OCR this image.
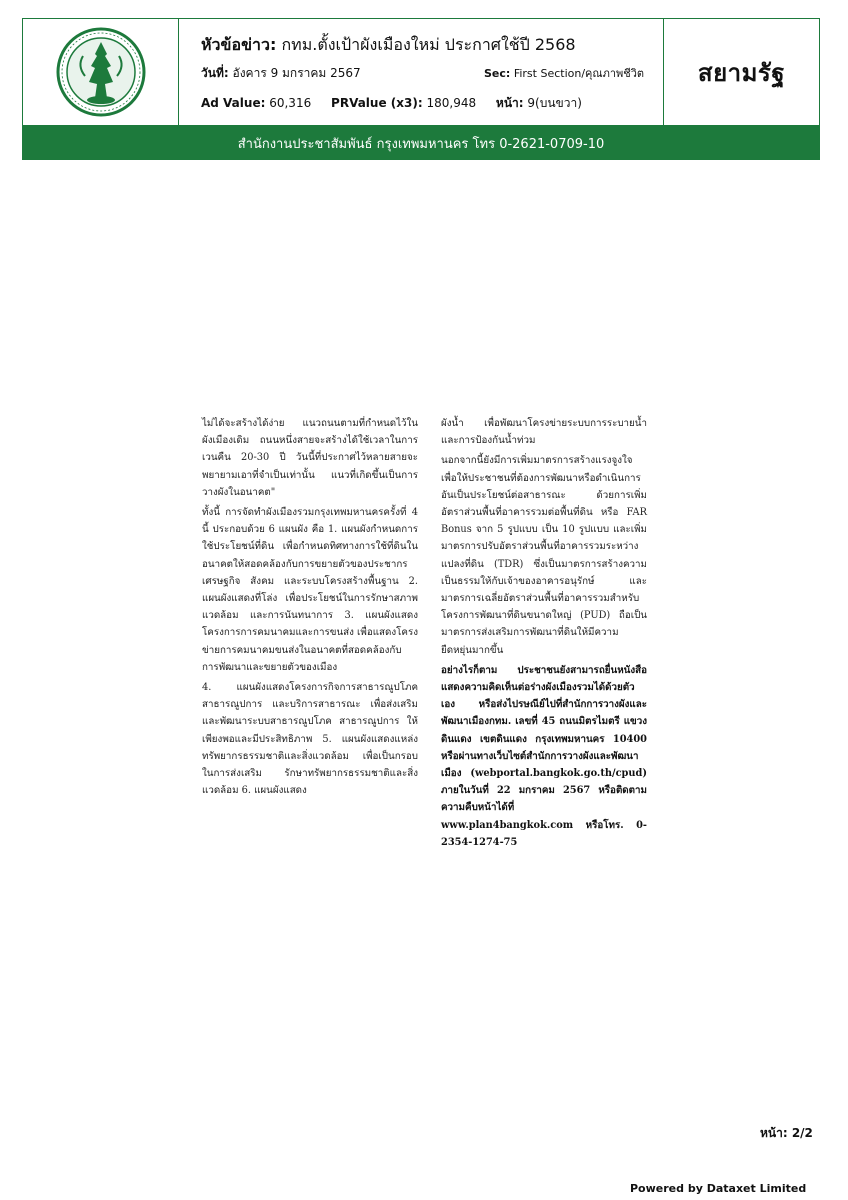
หัวข้อข่าว: กทม.ตั้งเป้าผังเมืองใหม่ ประกาศใช้ปี 2568
วันที่: อังคาร 9 มกราคม 2567	Sec: First Section/คุณภาพชีวิต
Ad Value: 60,316 PRValue (x3): 180,948 หน้า: 9(บนขวา)
สยามรัฐ
สำนักงานประชาสัมพันธ์ กรุงเทพมหานคร โทร 0-2621-0709-10

ไม่ได้จะสร้างได้ง่าย แนวถนนตามที่กำหนดไว้ในผังเมืองเดิม ถนนหนึ่งสายจะสร้างได้ใช้เวลาในการเวนคืน 20-30 ปี วันนี้ที่ประกาศไว้หลายสายจะพยายามเอาที่จำเป็นเท่านั้น แนวที่เกิดขึ้นเป็นการวางผังในอนาคต"

ทั้งนี้ การจัดทำผังเมืองรวมกรุงเทพมหานครครั้งที่ 4 นี้ ประกอบด้วย 6 แผนผัง คือ 1. แผนผังกำหนดการใช้ประโยชน์ที่ดิน เพื่อกำหนดทิศทางการใช้ที่ดินในอนาคตให้สอดคล้องกับการขยายตัวของประชากร เศรษฐกิจ สังคม และระบบโครงสร้างพื้นฐาน 2. แผนผังแสดงที่โล่ง เพื่อประโยชน์ในการรักษาสภาพแวดล้อม และการนันทนาการ 3. แผนผังแสดงโครงการการคมนาคมและการขนส่ง เพื่อแสดงโครงข่ายการคมนาคมขนส่งในอนาคตที่สอดคล้องกับการพัฒนาและขยายตัวของเมือง

4. แผนผังแสดงโครงการกิจการสาธารณูปโภค สาธารณูปการ และบริการสาธารณะ เพื่อส่งเสริมและพัฒนาระบบสาธารณูปโภค สาธารณูปการ ให้เพียงพอและมีประสิทธิภาพ 5. แผนผังแสดงแหล่งทรัพยากรธรรมชาติและสิ่งแวดล้อม เพื่อเป็นกรอบในการส่งเสริม รักษาทรัพยากรธรรมชาติและสิ่งแวดล้อม 6. แผนผังแสดง

ผังน้ำ เพื่อพัฒนาโครงข่ายระบบการระบายน้ำ และการป้องกันน้ำท่วม

นอกจากนี้ยังมีการเพิ่มมาตรการสร้างแรงจูงใจเพื่อให้ประชาชนที่ต้องการพัฒนาหรือดำเนินการอันเป็นประโยชน์ต่อสาธารณะ ด้วยการเพิ่มอัตราส่วนพื้นที่อาคารรวมต่อพื้นที่ดิน หรือ FAR Bonus จาก 5 รูปแบบ เป็น 10 รูปแบบ และเพิ่มมาตรการปรับอัตราส่วนพื้นที่อาคารรวมระหว่างแปลงที่ดิน (TDR) ซึ่งเป็นมาตรการสร้างความเป็นธรรมให้กับเจ้าของอาคารอนุรักษ์ และมาตรการเฉลี่ยอัตราส่วนพื้นที่อาคารรวมสำหรับโครงการพัฒนาที่ดินขนาดใหญ่ (PUD) ถือเป็นมาตรการส่งเสริมการพัฒนาที่ดินให้มีความยืดหยุ่นมากขึ้น

อย่างไรก็ตาม ประชาชนยังสามารถยื่นหนังสือแสดงความคิดเห็นต่อร่างผังเมืองรวมได้ด้วยตัวเอง หรือส่งไปรษณีย์ไปที่สำนักการวางผังและพัฒนาเมืองกทม. เลขที่ 45 ถนนมิตรไมตรี แขวงดินแดง เขตดินแดง กรุงเทพมหานคร 10400 หรือผ่านทางเว็บไซต์สำนักการวางผังและพัฒนาเมือง (webportal.bangkok.go.th/cpud) ภายในวันที่ 22 มกราคม 2567 หรือติดตามความคืบหน้าได้ที่ www.plan4bangkok.com หรือโทร. 0-2354-1274-75

หน้า: 2/2
Powered by Dataxet Limited
